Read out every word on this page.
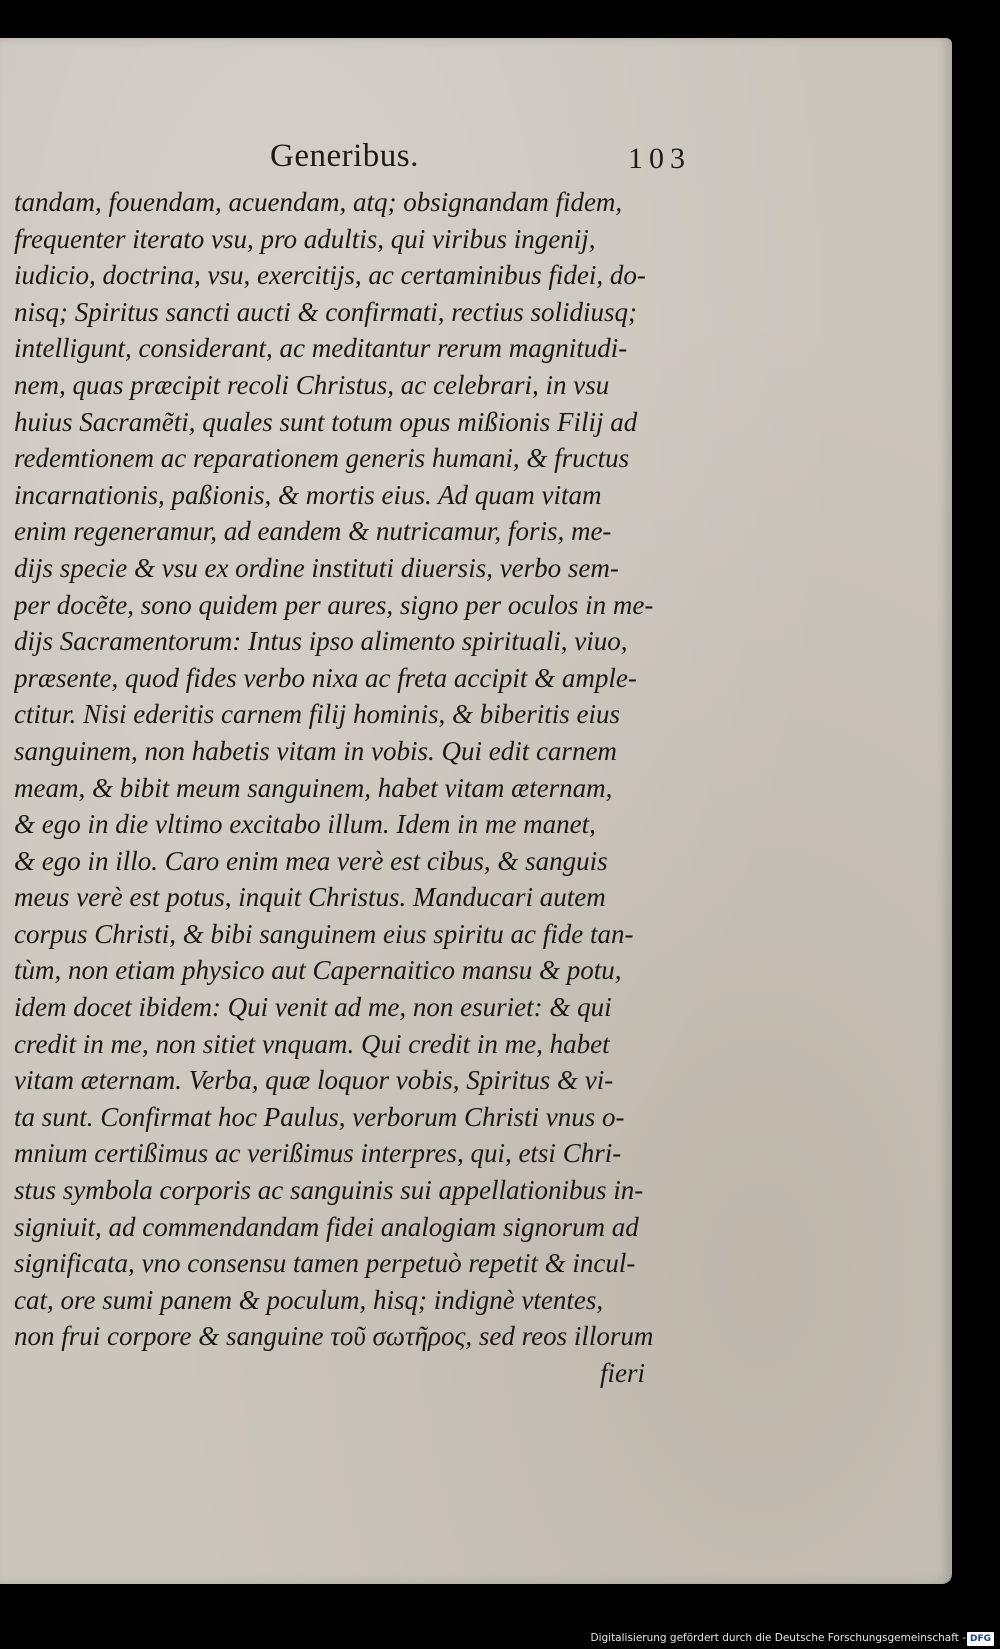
Generibus.	103
tandam, fouendam, acuendam, atq; obsignandam fidem,
frequenter iterato vsu, pro adultis, qui viribus ingenij,
iudicio, doctrina, vsu, exercitijs, ac certaminibus fidei, do-
nisq; Spiritus sancti aucti & confirmati, rectius solidiusq;
intelligunt, considerant, ac meditantur rerum magnitudi-
nem, quas præcipit recoli Christus, ac celebrari, in vsu
huius Sacramẽti, quales sunt totum opus mißionis Filij ad
redemtionem ac reparationem generis humani, & fructus
incarnationis, paßionis, & mortis eius. Ad quam vitam
enim regeneramur, ad eandem & nutricamur, foris, me-
dijs specie & vsu ex ordine instituti diuersis, verbo sem-
per docẽte, sono quidem per aures, signo per oculos in me-
dijs Sacramentorum: Intus ipso alimento spirituali, viuo,
præsente, quod fides verbo nixa ac freta accipit & ample-
ctitur. Nisi ederitis carnem filij hominis, & biberitis eius
sanguinem, non habetis vitam in vobis. Qui edit carnem
meam, & bibit meum sanguinem, habet vitam æternam,
& ego in die vltimo excitabo illum. Idem in me manet,
& ego in illo. Caro enim mea verè est cibus, & sanguis
meus verè est potus, inquit Christus. Manducari autem
corpus Christi, & bibi sanguinem eius spiritu ac fide tan-
tùm, non etiam physico aut Capernaitico mansu & potu,
idem docet ibidem: Qui venit ad me, non esuriet: & qui
credit in me, non sitiet vnquam. Qui credit in me, habet
vitam æternam. Verba, quæ loquor vobis, Spiritus & vi-
ta sunt. Confirmat hoc Paulus, verborum Christi vnus o-
mnium certißimus ac verißimus interpres, qui, etsi Chri-
stus symbola corporis ac sanguinis sui appellationibus in-
signiuit, ad commendandam fidei analogiam signorum ad
significata, vno consensu tamen perpetuò repetit & incul-
cat, ore sumi panem & poculum, hisq; indignè vtentes,
non frui corpore & sanguine τοῦ σωτῆρος, sed reos illorum
fieri
Digitalisierung gefördert durch die Deutsche Forschungsgemeinschaft - DFG
